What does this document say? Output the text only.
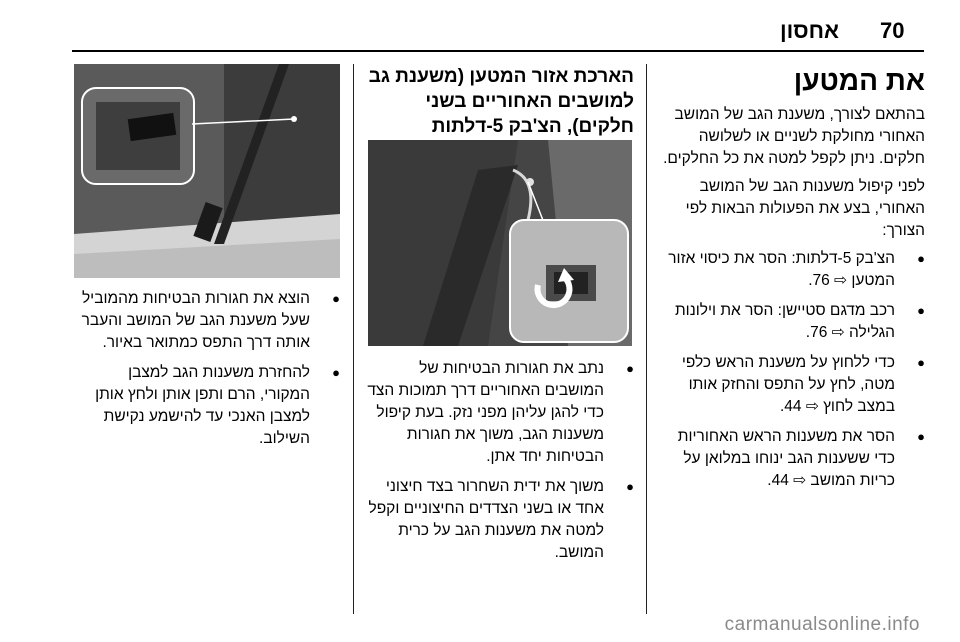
70
אחסון
את המטען

בהתאם לצורך, משענת הגב של המושב האחורי מחולקת לשניים או לשלושה חלקים. ניתן לקפל למטה את כל החלקים.

לפני קיפול משענות הגב של המושב האחורי, בצע את הפעולות הבאות לפי הצורך:

● הצ'בק 5-דלתות: הסר את כיסוי אזור המטען ⇨ 76.
● רכב מדגם סטיישן: הסר את וילונות הגלילה ⇨ 76.
● כדי ללחוץ על משענת הראש כלפי מטה, לחץ על התפס והחזק אותו במצב לחוץ ⇨ 44.
● הסר את משענות הראש האחוריות כדי ששענות הגב ינוחו במלואן על כריות המושב ⇨ 44.
הארכת אזור המטען (משענת גב למושבים האחוריים בשני חלקים), הצ'בק 5-דלתות
● נתב את חגורות הבטיחות של המושבים האחוריים דרך תמוכות הצד כדי להגן עליהן מפני נזק. בעת קיפול משענות הגב, משוך את חגורות הבטיחות יחד אתן.
● משוך את ידית השחרור בצד חיצוני אחד או בשני הצדדים החיצוניים וקפל למטה את משענות הגב על כרית המושב.
● הוצא את חגורות הבטיחות מהמוביל שעל משענת הגב של המושב והעבר אותה דרך התפס כמתואר באיור.
● להחזרת משענות הגב למצבן המקורי, הרם ותפן אותן ולחץ אותן למצבן האנכי עד להישמע נקישת השילוב.
carmanualsonline.info
